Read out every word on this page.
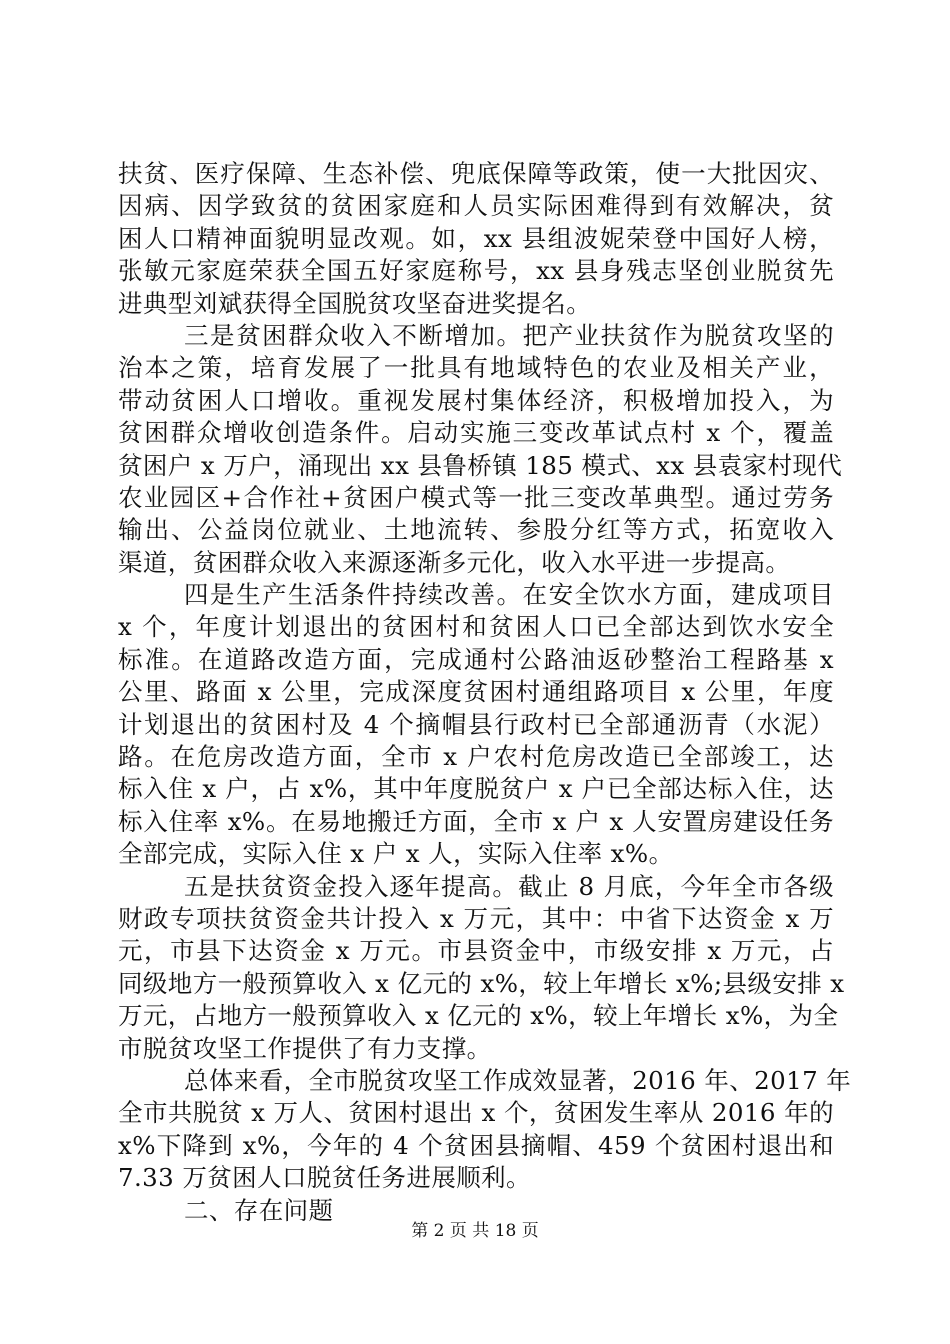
扶贫、医疗保障、生态补偿、兜底保障等政策，使一大批因灾、
因病、因学致贫的贫困家庭和人员实际困难得到有效解决，贫
困人口精神面貌明显改观。如，xx 县组波妮荣登中国好人榜，
张敏元家庭荣获全国五好家庭称号，xx 县身残志坚创业脱贫先
进典型刘斌获得全国脱贫攻坚奋进奖提名。
三是贫困群众收入不断增加。把产业扶贫作为脱贫攻坚的
治本之策，培育发展了一批具有地域特色的农业及相关产业，
带动贫困人口增收。重视发展村集体经济，积极增加投入，为
贫困群众增收创造条件。启动实施三变改革试点村 x 个，覆盖
贫困户 x 万户，涌现出 xx 县鲁桥镇 185 模式、xx 县袁家村现代
农业园区+合作社+贫困户模式等一批三变改革典型。通过劳务
输出、公益岗位就业、土地流转、参股分红等方式，拓宽收入
渠道，贫困群众收入来源逐渐多元化，收入水平进一步提高。
四是生产生活条件持续改善。在安全饮水方面，建成项目
x 个，年度计划退出的贫困村和贫困人口已全部达到饮水安全
标准。在道路改造方面，完成通村公路油返砂整治工程路基 x
公里、路面 x 公里，完成深度贫困村通组路项目 x 公里，年度
计划退出的贫困村及 4 个摘帽县行政村已全部通沥青（水泥）
路。在危房改造方面，全市 x 户农村危房改造已全部竣工，达
标入住 x 户，占 x%，其中年度脱贫户 x 户已全部达标入住，达
标入住率 x%。在易地搬迁方面，全市 x 户 x 人安置房建设任务
全部完成，实际入住 x 户 x 人，实际入住率 x%。
五是扶贫资金投入逐年提高。截止 8 月底，今年全市各级
财政专项扶贫资金共计投入 x 万元，其中：中省下达资金 x 万
元，市县下达资金 x 万元。市县资金中，市级安排 x 万元，占
同级地方一般预算收入 x 亿元的 x%，较上年增长 x%;县级安排 x
万元，占地方一般预算收入 x 亿元的 x%，较上年增长 x%，为全
市脱贫攻坚工作提供了有力支撑。
总体来看，全市脱贫攻坚工作成效显著，2016 年、2017 年
全市共脱贫 x 万人、贫困村退出 x 个，贫困发生率从 2016 年的
x%下降到 x%，今年的 4 个贫困县摘帽、459 个贫困村退出和
7.33 万贫困人口脱贫任务进展顺利。
二、存在问题
第 2 页 共 18 页
